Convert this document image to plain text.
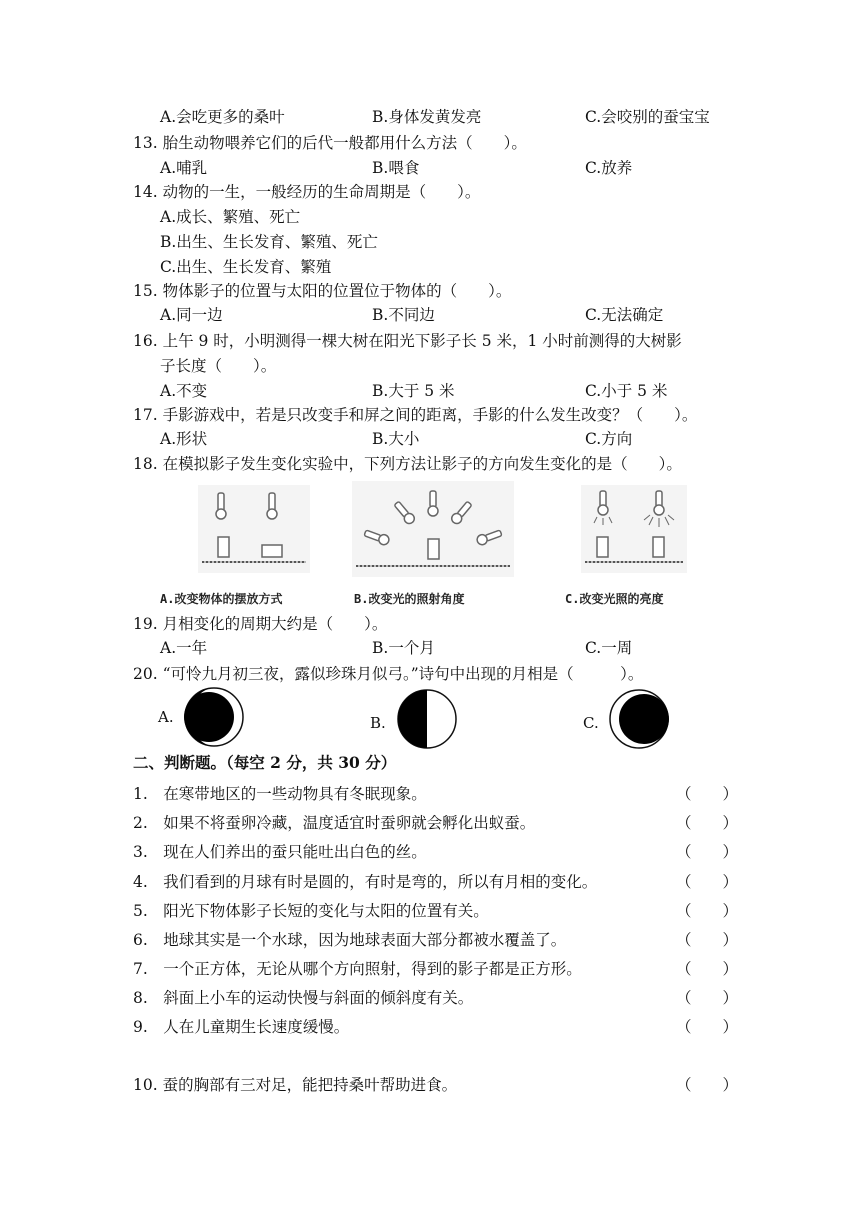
A.会吃更多的桑叶	B.身体发黄发亮	C.会咬别的蚕宝宝
13. 胎生动物喂养它们的后代一般都用什么方法（　　）。
A.哺乳	B.喂食	C.放养
14. 动物的一生，一般经历的生命周期是（　　）。
A.成长、繁殖、死亡
B.出生、生长发育、繁殖、死亡
C.出生、生长发育、繁殖
15. 物体影子的位置与太阳的位置位于物体的（　　）。
A.同一边	B.不同边	C.无法确定
16. 上午 9 时，小明测得一棵大树在阳光下影子长 5 米，1 小时前测得的大树影
子长度（　　）。
A.不变	B.大于 5 米	C.小于 5 米
17. 手影游戏中，若是只改变手和屏之间的距离，手影的什么发生改变？（　　）。
A.形状	B.大小	C.方向
18. 在模拟影子发生变化实验中，下列方法让影子的方向发生变化的是（　　）。
A.改变物体的摆放方式	B.改变光的照射角度	C.改变光照的亮度
19. 月相变化的周期大约是（　　）。
A.一年	B.一个月	C.一周
20. “可怜九月初三夜，露似珍珠月似弓。”诗句中出现的月相是（　　　）。
A.	B.	C.
二、判断题。（每空 2 分，共 30 分）
1.　在寒带地区的一些动物具有冬眠现象。	（　　）
2.　如果不将蚕卵冷藏，温度适宜时蚕卵就会孵化出蚁蚕。	（　　）
3.　现在人们养出的蚕只能吐出白色的丝。	（　　）
4.　我们看到的月球有时是圆的，有时是弯的，所以有月相的变化。	（　　）
5.　阳光下物体影子长短的变化与太阳的位置有关。	（　　）
6.　地球其实是一个水球，因为地球表面大部分都被水覆盖了。	（　　）
7.　一个正方体，无论从哪个方向照射，得到的影子都是正方形。	（　　）
8.　斜面上小车的运动快慢与斜面的倾斜度有关。	（　　）
9.　人在儿童期生长速度缓慢。	（　　）
10. 蚕的胸部有三对足，能把持桑叶帮助进食。	（　　）
